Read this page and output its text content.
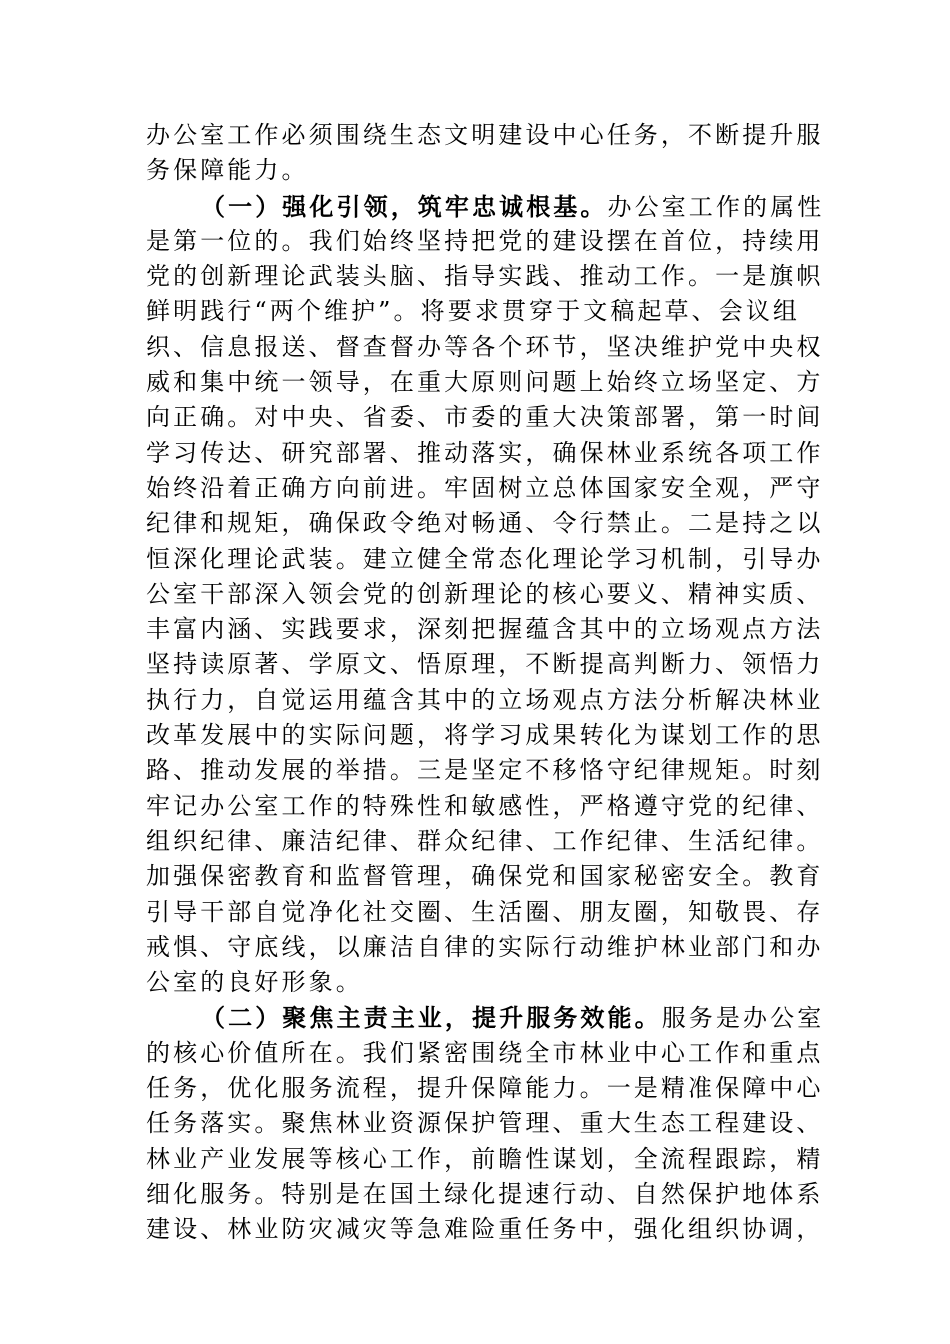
办公室工作必须围绕生态文明建设中心任务，不断提升服
务保障能力。
（一）强化引领，筑牢忠诚根基。办公室工作的属性
是第一位的。我们始终坚持把党的建设摆在首位，持续用
党的创新理论武装头脑、指导实践、推动工作。一是旗帜
鲜明践行“两个维护”。将要求贯穿于文稿起草、会议组
织、信息报送、督查督办等各个环节，坚决维护党中央权
威和集中统一领导，在重大原则问题上始终立场坚定、方
向正确。对中央、省委、市委的重大决策部署，第一时间
学习传达、研究部署、推动落实，确保林业系统各项工作
始终沿着正确方向前进。牢固树立总体国家安全观，严守
纪律和规矩，确保政令绝对畅通、令行禁止。二是持之以
恒深化理论武装。建立健全常态化理论学习机制，引导办
公室干部深入领会党的创新理论的核心要义、精神实质、
丰富内涵、实践要求，深刻把握蕴含其中的立场观点方法
坚持读原著、学原文、悟原理，不断提高判断力、领悟力
执行力，自觉运用蕴含其中的立场观点方法分析解决林业
改革发展中的实际问题，将学习成果转化为谋划工作的思
路、推动发展的举措。三是坚定不移恪守纪律规矩。时刻
牢记办公室工作的特殊性和敏感性，严格遵守党的纪律、
组织纪律、廉洁纪律、群众纪律、工作纪律、生活纪律。
加强保密教育和监督管理，确保党和国家秘密安全。教育
引导干部自觉净化社交圈、生活圈、朋友圈，知敬畏、存
戒惧、守底线，以廉洁自律的实际行动维护林业部门和办
公室的良好形象。
（二）聚焦主责主业，提升服务效能。服务是办公室
的核心价值所在。我们紧密围绕全市林业中心工作和重点
任务，优化服务流程，提升保障能力。一是精准保障中心
任务落实。聚焦林业资源保护管理、重大生态工程建设、
林业产业发展等核心工作，前瞻性谋划，全流程跟踪，精
细化服务。特别是在国土绿化提速行动、自然保护地体系
建设、林业防灾减灾等急难险重任务中，强化组织协调，
